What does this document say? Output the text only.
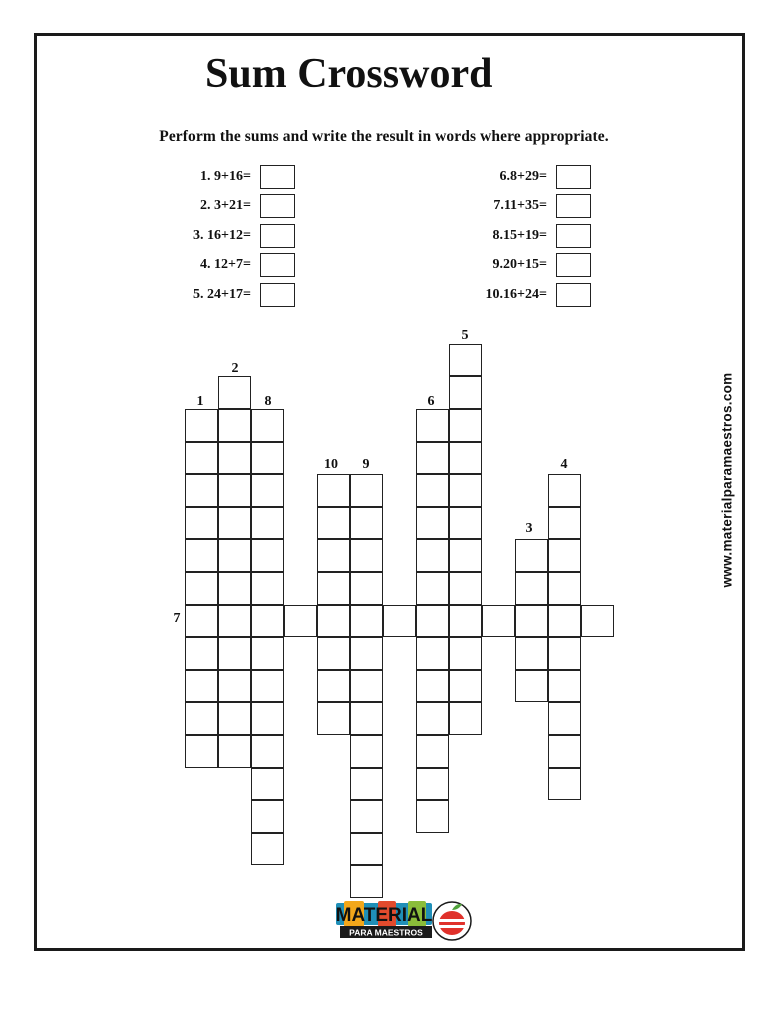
Sum Crossword
Perform the sums and write the result in words where appropriate.
1. 9+16=
2. 3+21=
3. 16+12=
4. 12+7=
5. 24+17=
6.8+29=
7.11+35=
8.15+19=
9.20+15=
10.16+24=
1
2
8
10 9
6
5
4
3
7
www.materialparamaestros.com
MATERIAL
PARA MAESTROS
